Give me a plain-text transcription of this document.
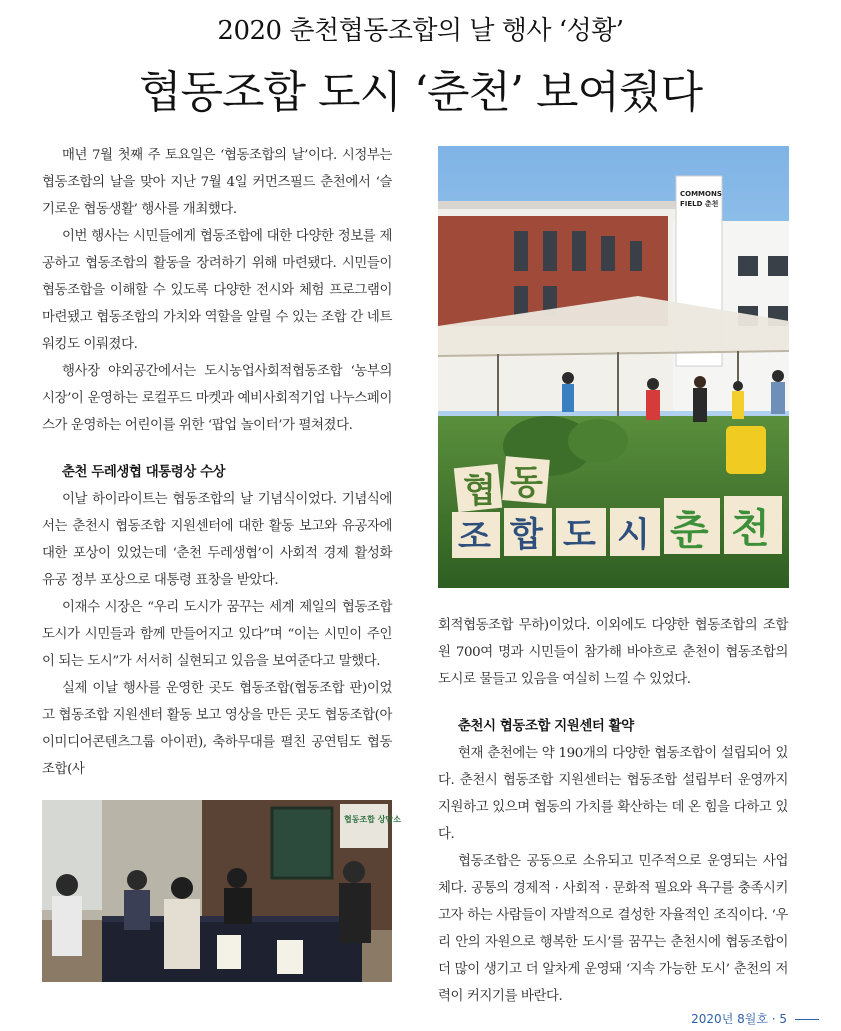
2020 춘천협동조합의 날 행사 ‘성황’
협동조합 도시 ‘춘천’ 보여줬다

매년 7월 첫째 주 토요일은 ‘협동조합의 날’이다. 시정부는 협동조합의 날을 맞아 지난 7월 4일 커먼즈필드 춘천에서 ‘슬기로운 협동생활’ 행사를 개최했다.

이번 행사는 시민들에게 협동조합에 대한 다양한 정보를 제공하고 협동조합의 활동을 장려하기 위해 마련됐다. 시민들이 협동조합을 이해할 수 있도록 다양한 전시와 체험 프로그램이 마련됐고 협동조합의 가치와 역할을 알릴 수 있는 조합 간 네트워킹도 이뤄졌다.

행사장 야외공간에서는 도시농업사회적협동조합 ‘농부의 시장’이 운영하는 로컬푸드 마켓과 예비사회적기업 나누스페이스가 운영하는 어린이를 위한 ‘팝업 놀이터’가 펼쳐졌다.

춘천 두레생협 대통령상 수상

이날 하이라이트는 협동조합의 날 기념식이었다. 기념식에서는 춘천시 협동조합 지원센터에 대한 활동 보고와 유공자에 대한 포상이 있었는데 ‘춘천 두레생협’이 사회적 경제 활성화 유공 정부 포상으로 대통령 표창을 받았다.

이재수 시장은 “우리 도시가 꿈꾸는 세계 제일의 협동조합 도시가 시민들과 함께 만들어지고 있다”며 “이는 시민이 주인이 되는 도시”가 서서히 실현되고 있음을 보여준다고 말했다.

실제 이날 행사를 운영한 곳도 협동조합(협동조합 판)이었고 협동조합 지원센터 활동 보고 영상을 만든 곳도 협동조합(아이미디어콘텐츠그룹 아이펀), 축하무대를 펼친 공연팀도 협동조합(사

COMMONS
FIELD 춘천
협 동
조 합 도 시 춘 천

회적협동조합 무하)이었다. 이외에도 다양한 협동조합의 조합원 700여 명과 시민들이 참가해 바야흐로 춘천이 협동조합의 도시로 물들고 있음을 여실히 느낄 수 있었다.

춘천시 협동조합 지원센터 활약

현재 춘천에는 약 190개의 다양한 협동조합이 설립되어 있다. 춘천시 협동조합 지원센터는 협동조합 설립부터 운영까지 지원하고 있으며 협동의 가치를 확산하는 데 온 힘을 다하고 있다.

협동조합은 공동으로 소유되고 민주적으로 운영되는 사업체다. 공통의 경제적 · 사회적 · 문화적 필요와 욕구를 충족시키고자 하는 사람들이 자발적으로 결성한 자율적인 조직이다. ‘우리 안의 자원으로 행복한 도시’를 꿈꾸는 춘천시에 협동조합이 더 많이 생기고 더 알차게 운영돼 ‘지속 가능한 도시’ 춘천의 저력이 커지기를 바란다.

협동조합 상담소
2020년 8월호 · 5
